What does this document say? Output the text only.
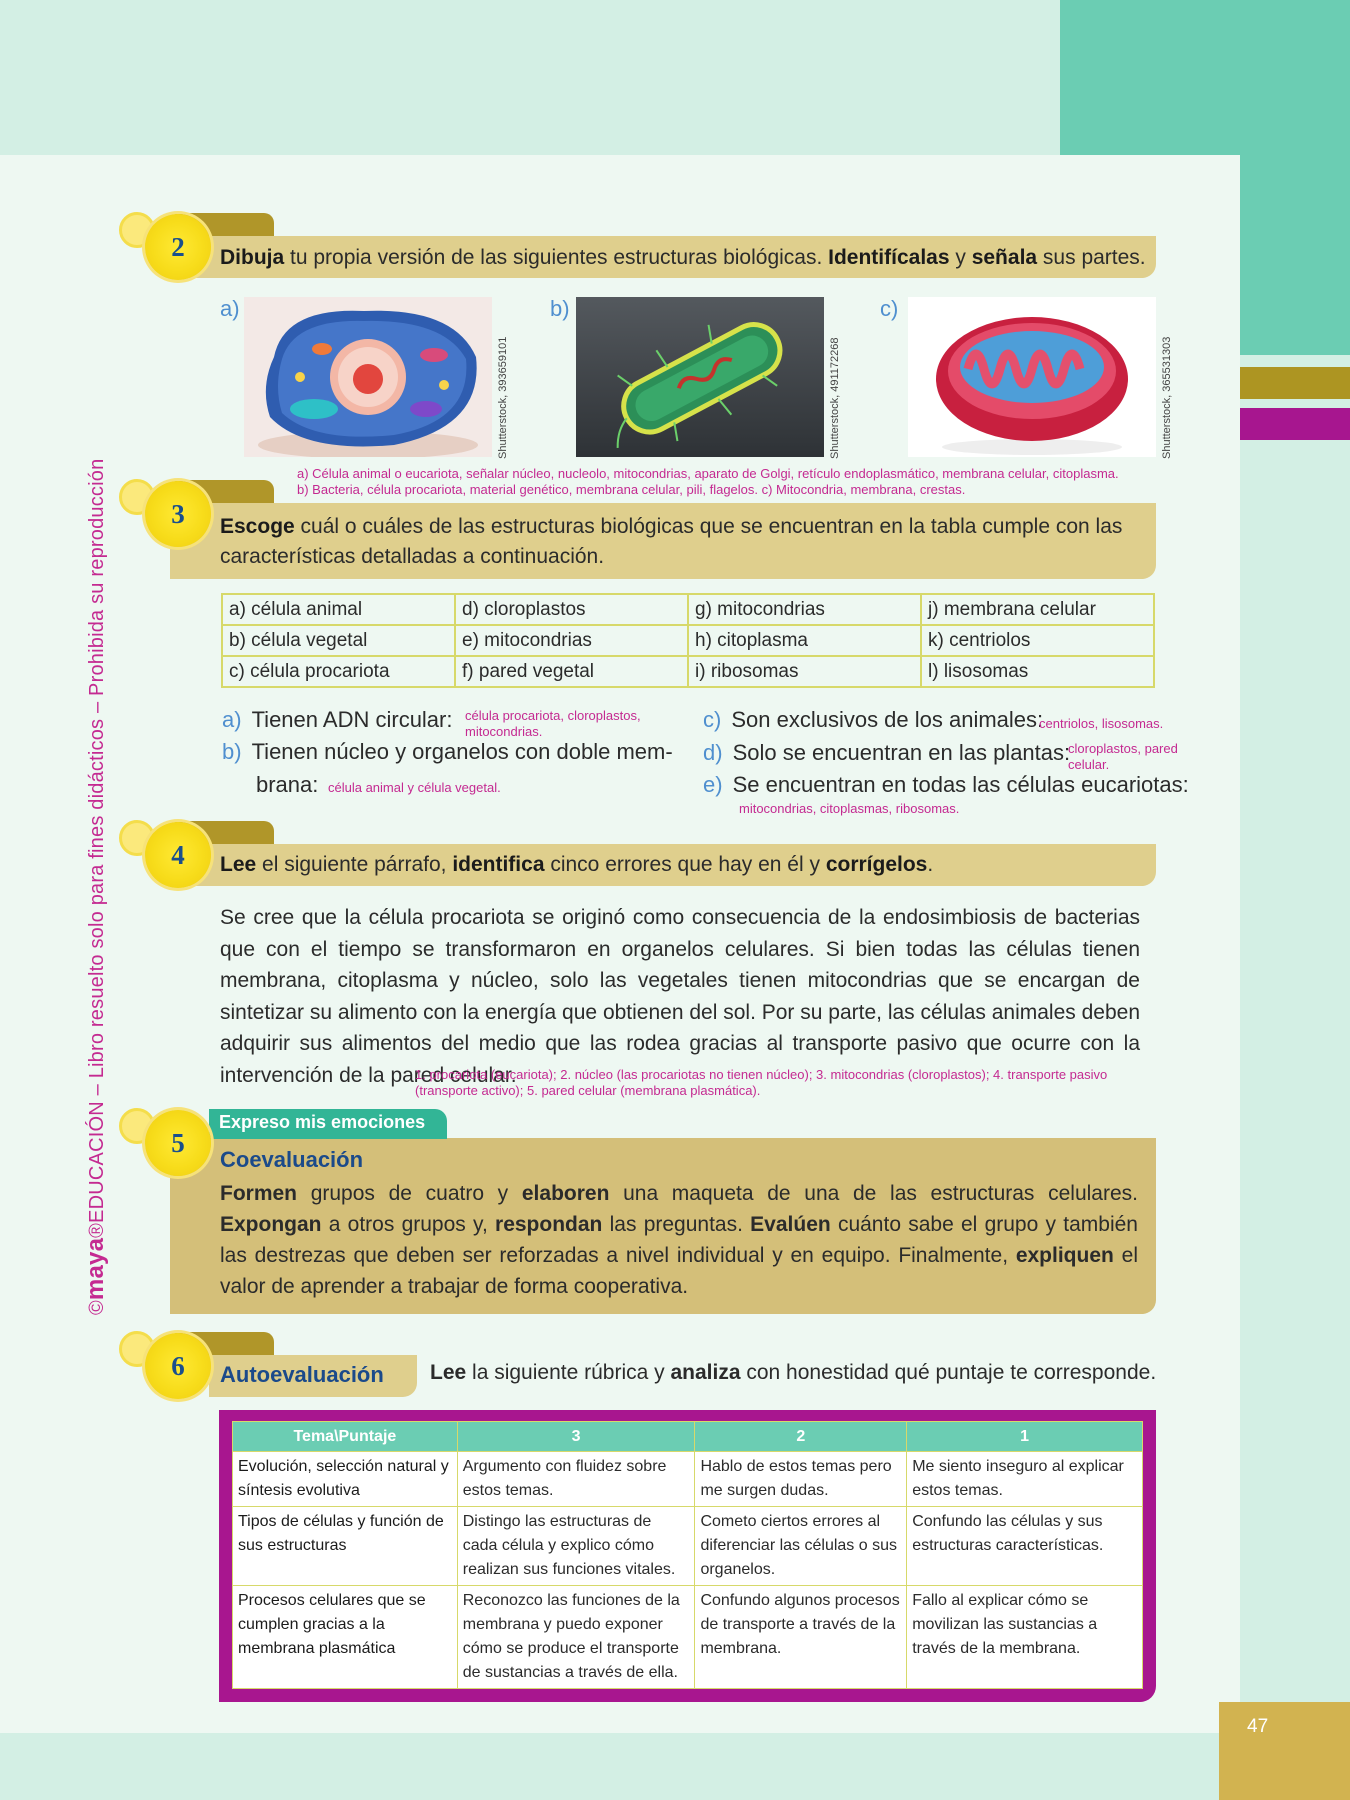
47
©maya®EDUCACIÓN – Libro resuelto solo para fines didácticos – Prohibida su reproducción
2	Dibuja tu propia versión de las siguientes estructuras biológicas. Identifícalas y señala sus partes.
a)
Shutterstock, 393659101
b)
Shutterstock, 491172268
c)
Shutterstock, 365531303
a) Célula animal o eucariota, señalar núcleo, nucleolo, mitocondrias, aparato de Golgi, retículo endoplasmático, membrana celular, citoplasma.
b) Bacteria, célula procariota, material genético, membrana celular, pili, flagelos. c) Mitocondria, membrana, crestas.
3	Escoge cuál o cuáles de las estructuras biológicas que se encuentran en la tabla cumple con las características detalladas a continuación.
a) célula animal	d) cloroplastos	g) mitocondrias	j) membrana celular
b) célula vegetal	e) mitocondrias	h) citoplasma	k) centriolos
c) célula procariota	f) pared vegetal	i) ribosomas	l) lisosomas
a) Tienen ADN circular: célula procariota, cloroplastos, mitocondrias.
b) Tienen núcleo y organelos con doble mem-
brana: célula animal y célula vegetal.
c) Son exclusivos de los animales:
centriolos, lisosomas.
d) Solo se encuentran en las plantas:
cloroplastos, pared celular.
e) Se encuentran en todas las células eucariotas:
mitocondrias, citoplasmas, ribosomas.
4	Lee el siguiente párrafo, identifica cinco errores que hay en él y corrígelos.
Se cree que la célula procariota se originó como consecuencia de la endosimbiosis de bacterias que con el tiempo se transformaron en organelos celulares. Si bien todas las células tienen membrana, citoplasma y núcleo, solo las vegetales tienen mitocondrias que se encargan de sintetizar su alimento con la energía que obtienen del sol. Por su parte, las células animales deben adquirir sus alimentos del medio que las rodea gracias al transporte pasivo que ocurre con la intervención de la pared celular.
1. procariota (eucariota); 2. núcleo (las procariotas no tienen núcleo); 3. mitocondrias (cloroplastos); 4. transporte pasivo (transporte activo); 5. pared celular (membrana plasmática).
Expreso mis emociones
5
Coevaluación
Formen grupos de cuatro y elaboren una maqueta de una de las estructuras celulares. Expongan a otros grupos y, respondan las preguntas. Evalúen cuánto sabe el grupo y también las destrezas que deben ser reforzadas a nivel individual y en equipo. Finalmente, expliquen el valor de aprender a trabajar de forma cooperativa.
6	Autoevaluación Lee la siguiente rúbrica y analiza con honestidad qué puntaje te corresponde.
Tema\Puntaje	3	2	1
Evolución, selección natural y síntesis evolutiva	Argumento con fluidez sobre estos temas.	Hablo de estos temas pero me surgen dudas.	Me siento inseguro al explicar estos temas.
Tipos de células y función de sus estructuras	Distingo las estructuras de cada célula y explico cómo realizan sus funciones vitales.	Cometo ciertos errores al diferenciar las células o sus organelos.	Confundo las células y sus estructuras características.
Procesos celulares que se cumplen gracias a la membrana plasmática	Reconozco las funciones de la membrana y puedo exponer cómo se produce el transporte de sustancias a través de ella.	Confundo algunos procesos de transporte a través de la membrana.	Fallo al explicar cómo se movilizan las sustancias a través de la membrana.
